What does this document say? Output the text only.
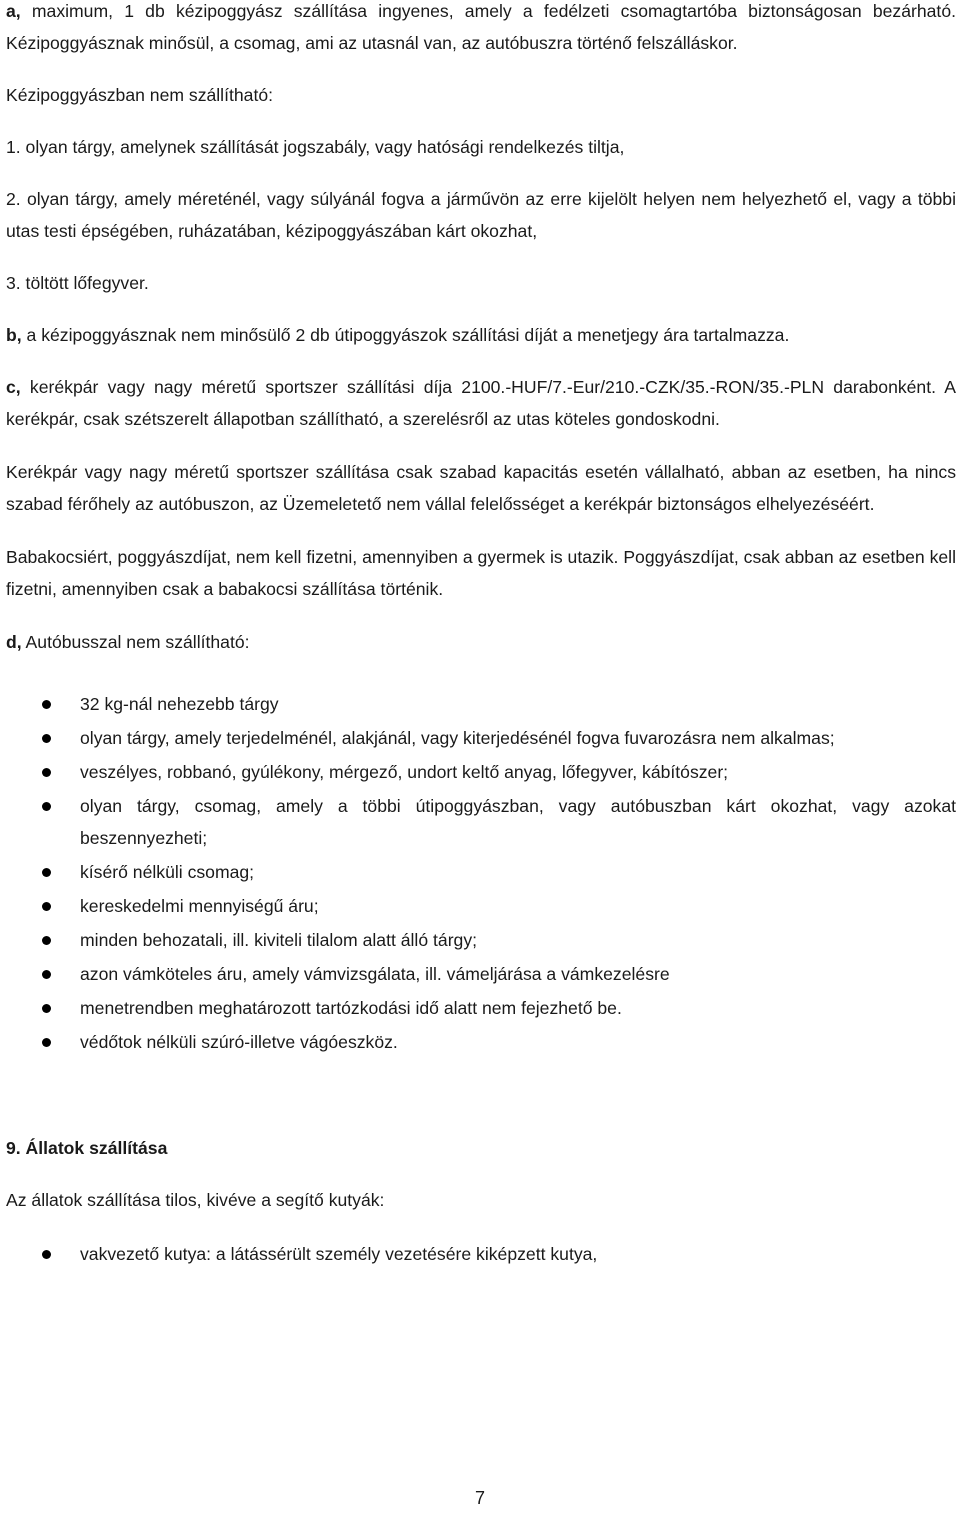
a, maximum, 1 db kézipoggyász szállítása ingyenes, amely a fedélzeti csomagtartóba biztonságosan bezárható. Kézipoggyásznak minősül, a csomag, ami az utasnál van, az autóbuszra történő felszálláskor.

Kézipoggyászban nem szállítható:

1. olyan tárgy, amelynek szállítását jogszabály, vagy hatósági rendelkezés tiltja,

2. olyan tárgy, amely méreténél, vagy súlyánál fogva a járművön az erre kijelölt helyen nem helyezhető el, vagy a többi utas testi épségében, ruházatában, kézipoggyászában kárt okozhat,

3. töltött lőfegyver.

b, a kézipoggyásznak nem minősülő 2 db útipoggyászok szállítási díját a menetjegy ára tartalmazza.

c, kerékpár vagy nagy méretű sportszer szállítási díja 2100.-HUF/7.-Eur/210.-CZK/35.-RON/35.-PLN darabonként. A kerékpár, csak szétszerelt állapotban szállítható, a szerelésről az utas köteles gondoskodni.

Kerékpár vagy nagy méretű sportszer szállítása csak szabad kapacitás esetén vállalható, abban az esetben, ha nincs szabad férőhely az autóbuszon, az Üzemeletető nem vállal felelősséget a kerékpár biztonságos elhelyezéséért.

Babakocsiért, poggyászdíjat, nem kell fizetni, amennyiben a gyermek is utazik. Poggyászdíjat, csak abban az esetben kell fizetni, amennyiben csak a babakocsi szállítása történik.

d, Autóbusszal nem szállítható:

32 kg-nál nehezebb tárgy
olyan tárgy, amely terjedelménél, alakjánál, vagy kiterjedésénél fogva fuvarozásra nem alkalmas;
veszélyes, robbanó, gyúlékony, mérgező, undort keltő anyag, lőfegyver, kábítószer;
olyan tárgy, csomag, amely a többi útipoggyászban, vagy autóbuszban kárt okozhat, vagy azokat beszennyezheti;
kísérő nélküli csomag;
kereskedelmi mennyiségű áru;
minden behozatali, ill. kiviteli tilalom alatt álló tárgy;
azon vámköteles áru, amely vámvizsgálata, ill. vámeljárása a vámkezelésre
menetrendben meghatározott tartózkodási idő alatt nem fejezhető be.
védőtok nélküli szúró-illetve vágóeszköz.

9. Állatok szállítása

Az állatok szállítása tilos, kivéve a segítő kutyák:

vakvezető kutya: a látássérült személy vezetésére kiképzett kutya,
7
